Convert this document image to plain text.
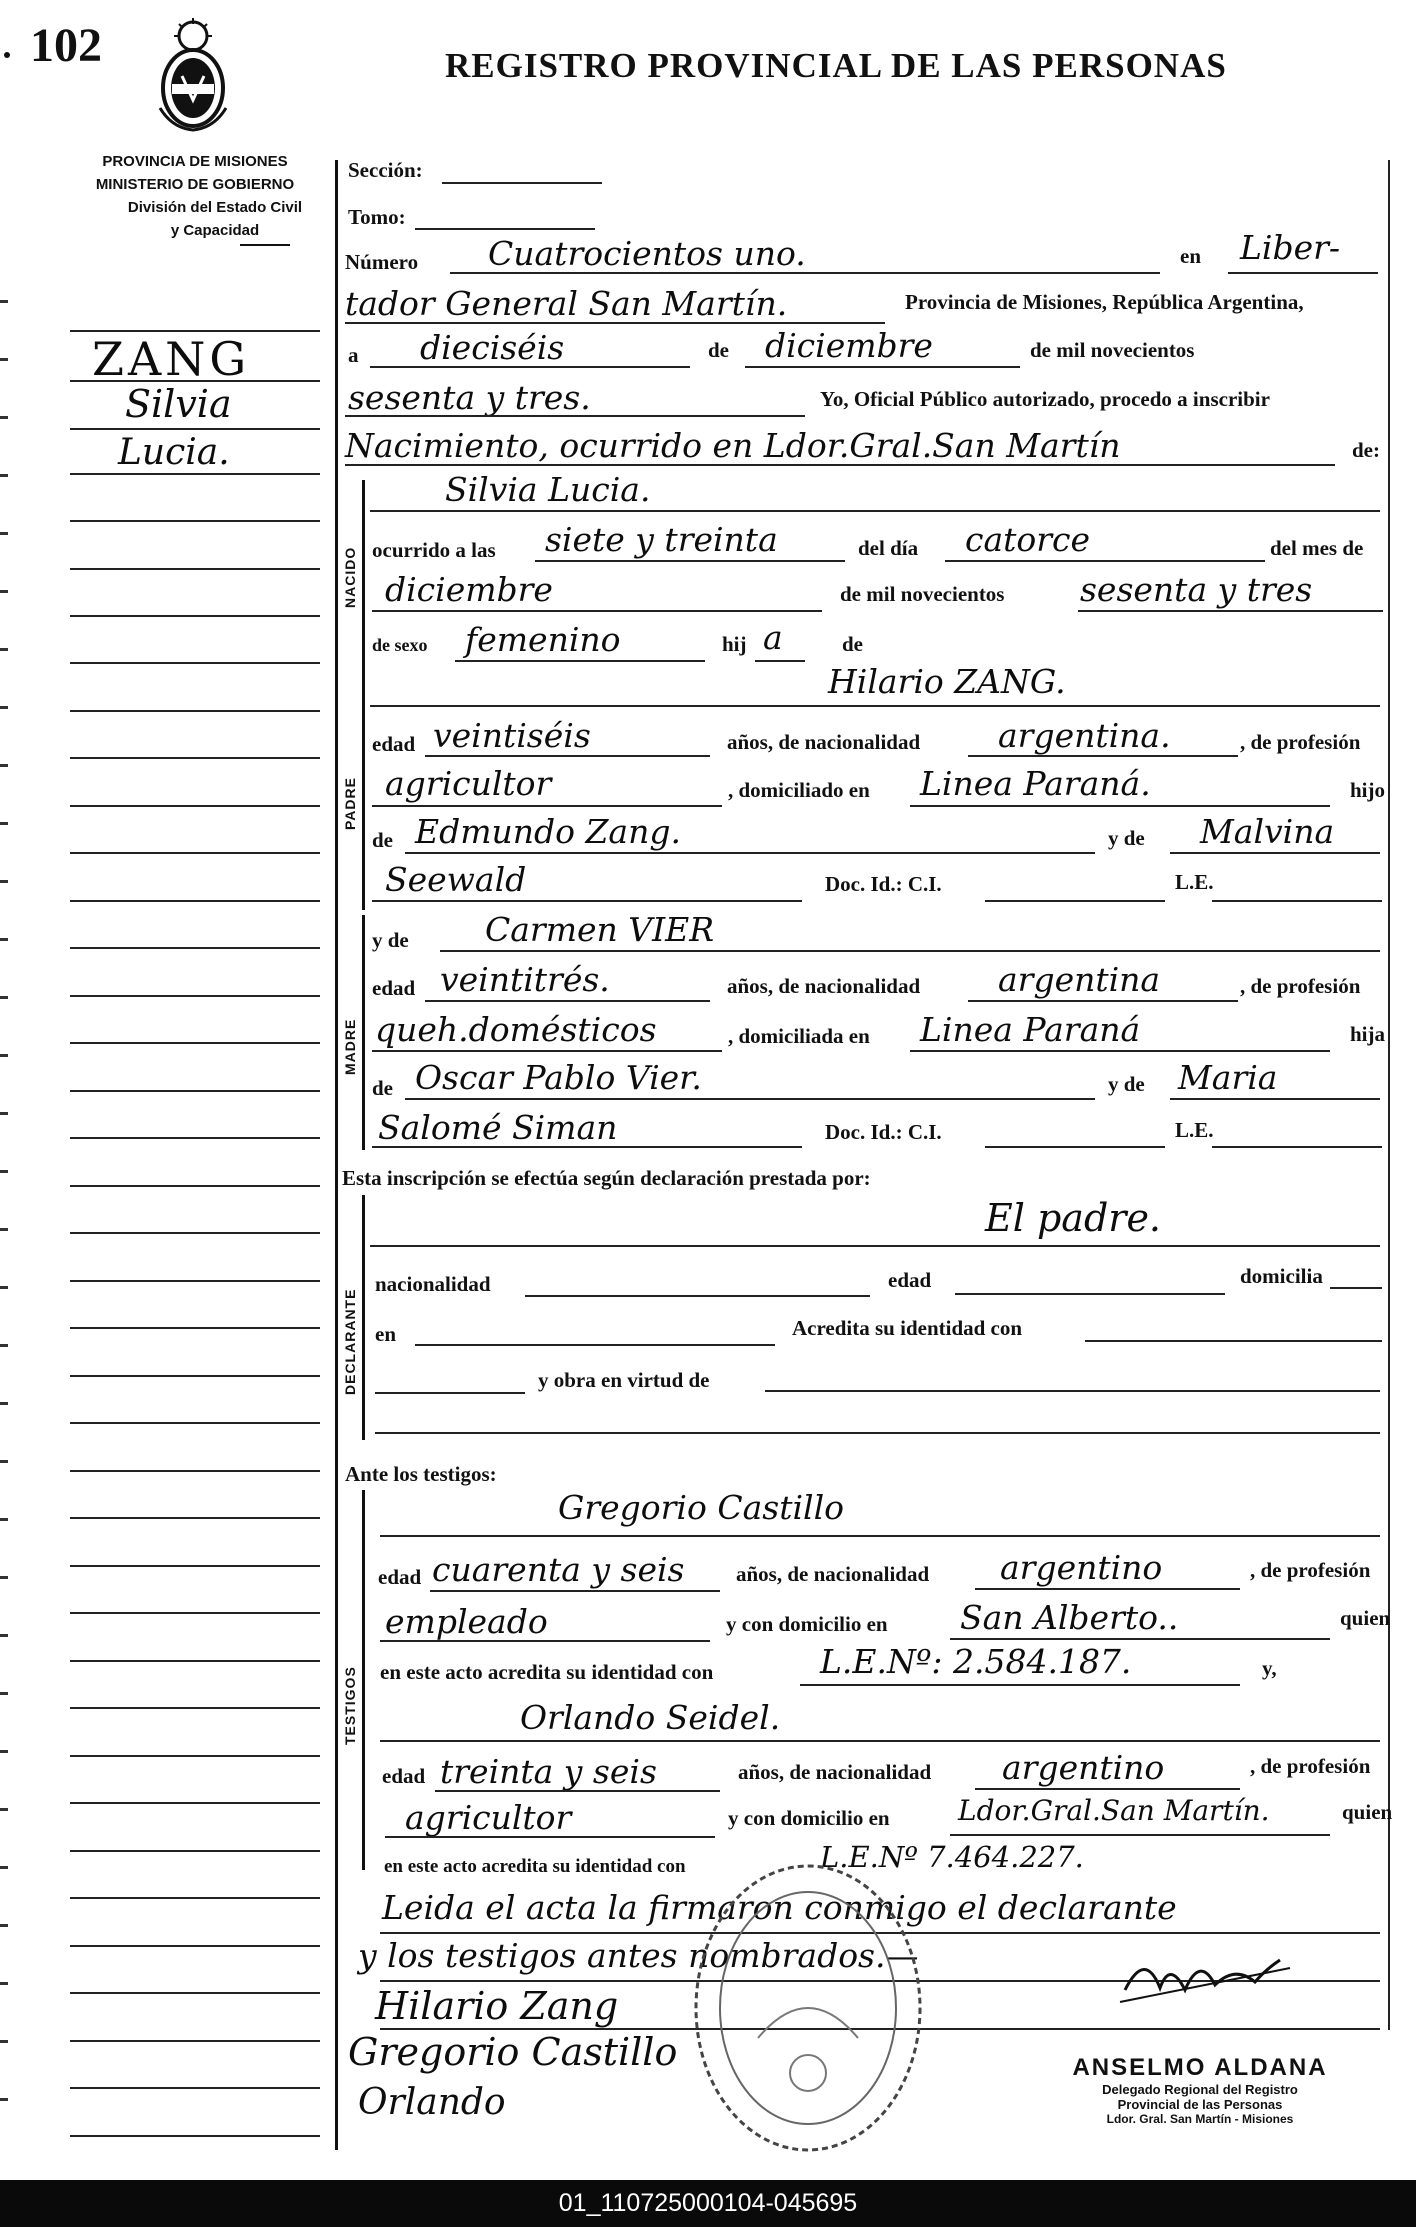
102	REGISTRO PROVINCIAL DE LAS PERSONAS
PROVINCIA DE MISIONES
MINISTERIO DE GOBIERNO
División del Estado Civil
y Capacidad
ZANG
Silvia
Lucia.
Sección:
Tomo:
Número Cuatrocientos uno.	en Liber-
tador General San Martín.	Provincia de Misiones, República Argentina,
a dieciséis	de diciembre	de mil novecientos
sesenta y tres.	Yo, Oficial Público autorizado, procedo a inscribir
Nacimiento, ocurrido en Ldor.Gral.San Martín	de:
NACIDO
Silvia Lucia.
ocurrido a las siete y treinta	del día catorce	del mes de
diciembre	de mil novecientos sesenta y tres
de sexo femenino	hij a	de
PADRE
Hilario ZANG.
edad veintiséis	años, de nacionalidad argentina.	, de profesión
agricultor	, domiciliado en Linea Paraná.	hijo
de Edmundo Zang.	y de Malvina
Seewald	Doc. Id.: C.I.	L.E.
MADRE
y de Carmen VIER
edad veintitrés.	años, de nacionalidad argentina	, de profesión
queh.domésticos	, domiciliada en Linea Paraná	hija
de Oscar Pablo Vier.	y de Maria
Salomé Siman	Doc. Id.: C.I.	L.E.
Esta inscripción se efectúa según declaración prestada por:
DECLARANTE
El padre.
nacionalidad	edad	domicilia
en	Acredita su identidad con
y obra en virtud de
Ante los testigos:
TESTIGOS
Gregorio Castillo
edad cuarenta y seis años, de nacionalidad argentino	, de profesión
empleado	y con domicilio en San Alberto..	quien
en este acto acredita su identidad con	L.E.Nº: 2.584.187.	y,
Orlando Seidel.
edad treinta y seis	años, de nacionalidad argentino	, de profesión
agricultor	y con domicilio en Ldor.Gral.San Martín.	quien
en este acto acredita su identidad con	L.E.Nº 7.464.227.
Leida el acta la firmaron conmigo el declarante
y los testigos antes nombrados.—
Hilario Zang
Gregorio Castillo
Orlando
ANSELMO ALDANA
Delegado Regional del Registro
Provincial de las Personas
Ldor. Gral. San Martín - Misiones
01_110725000104-045695
